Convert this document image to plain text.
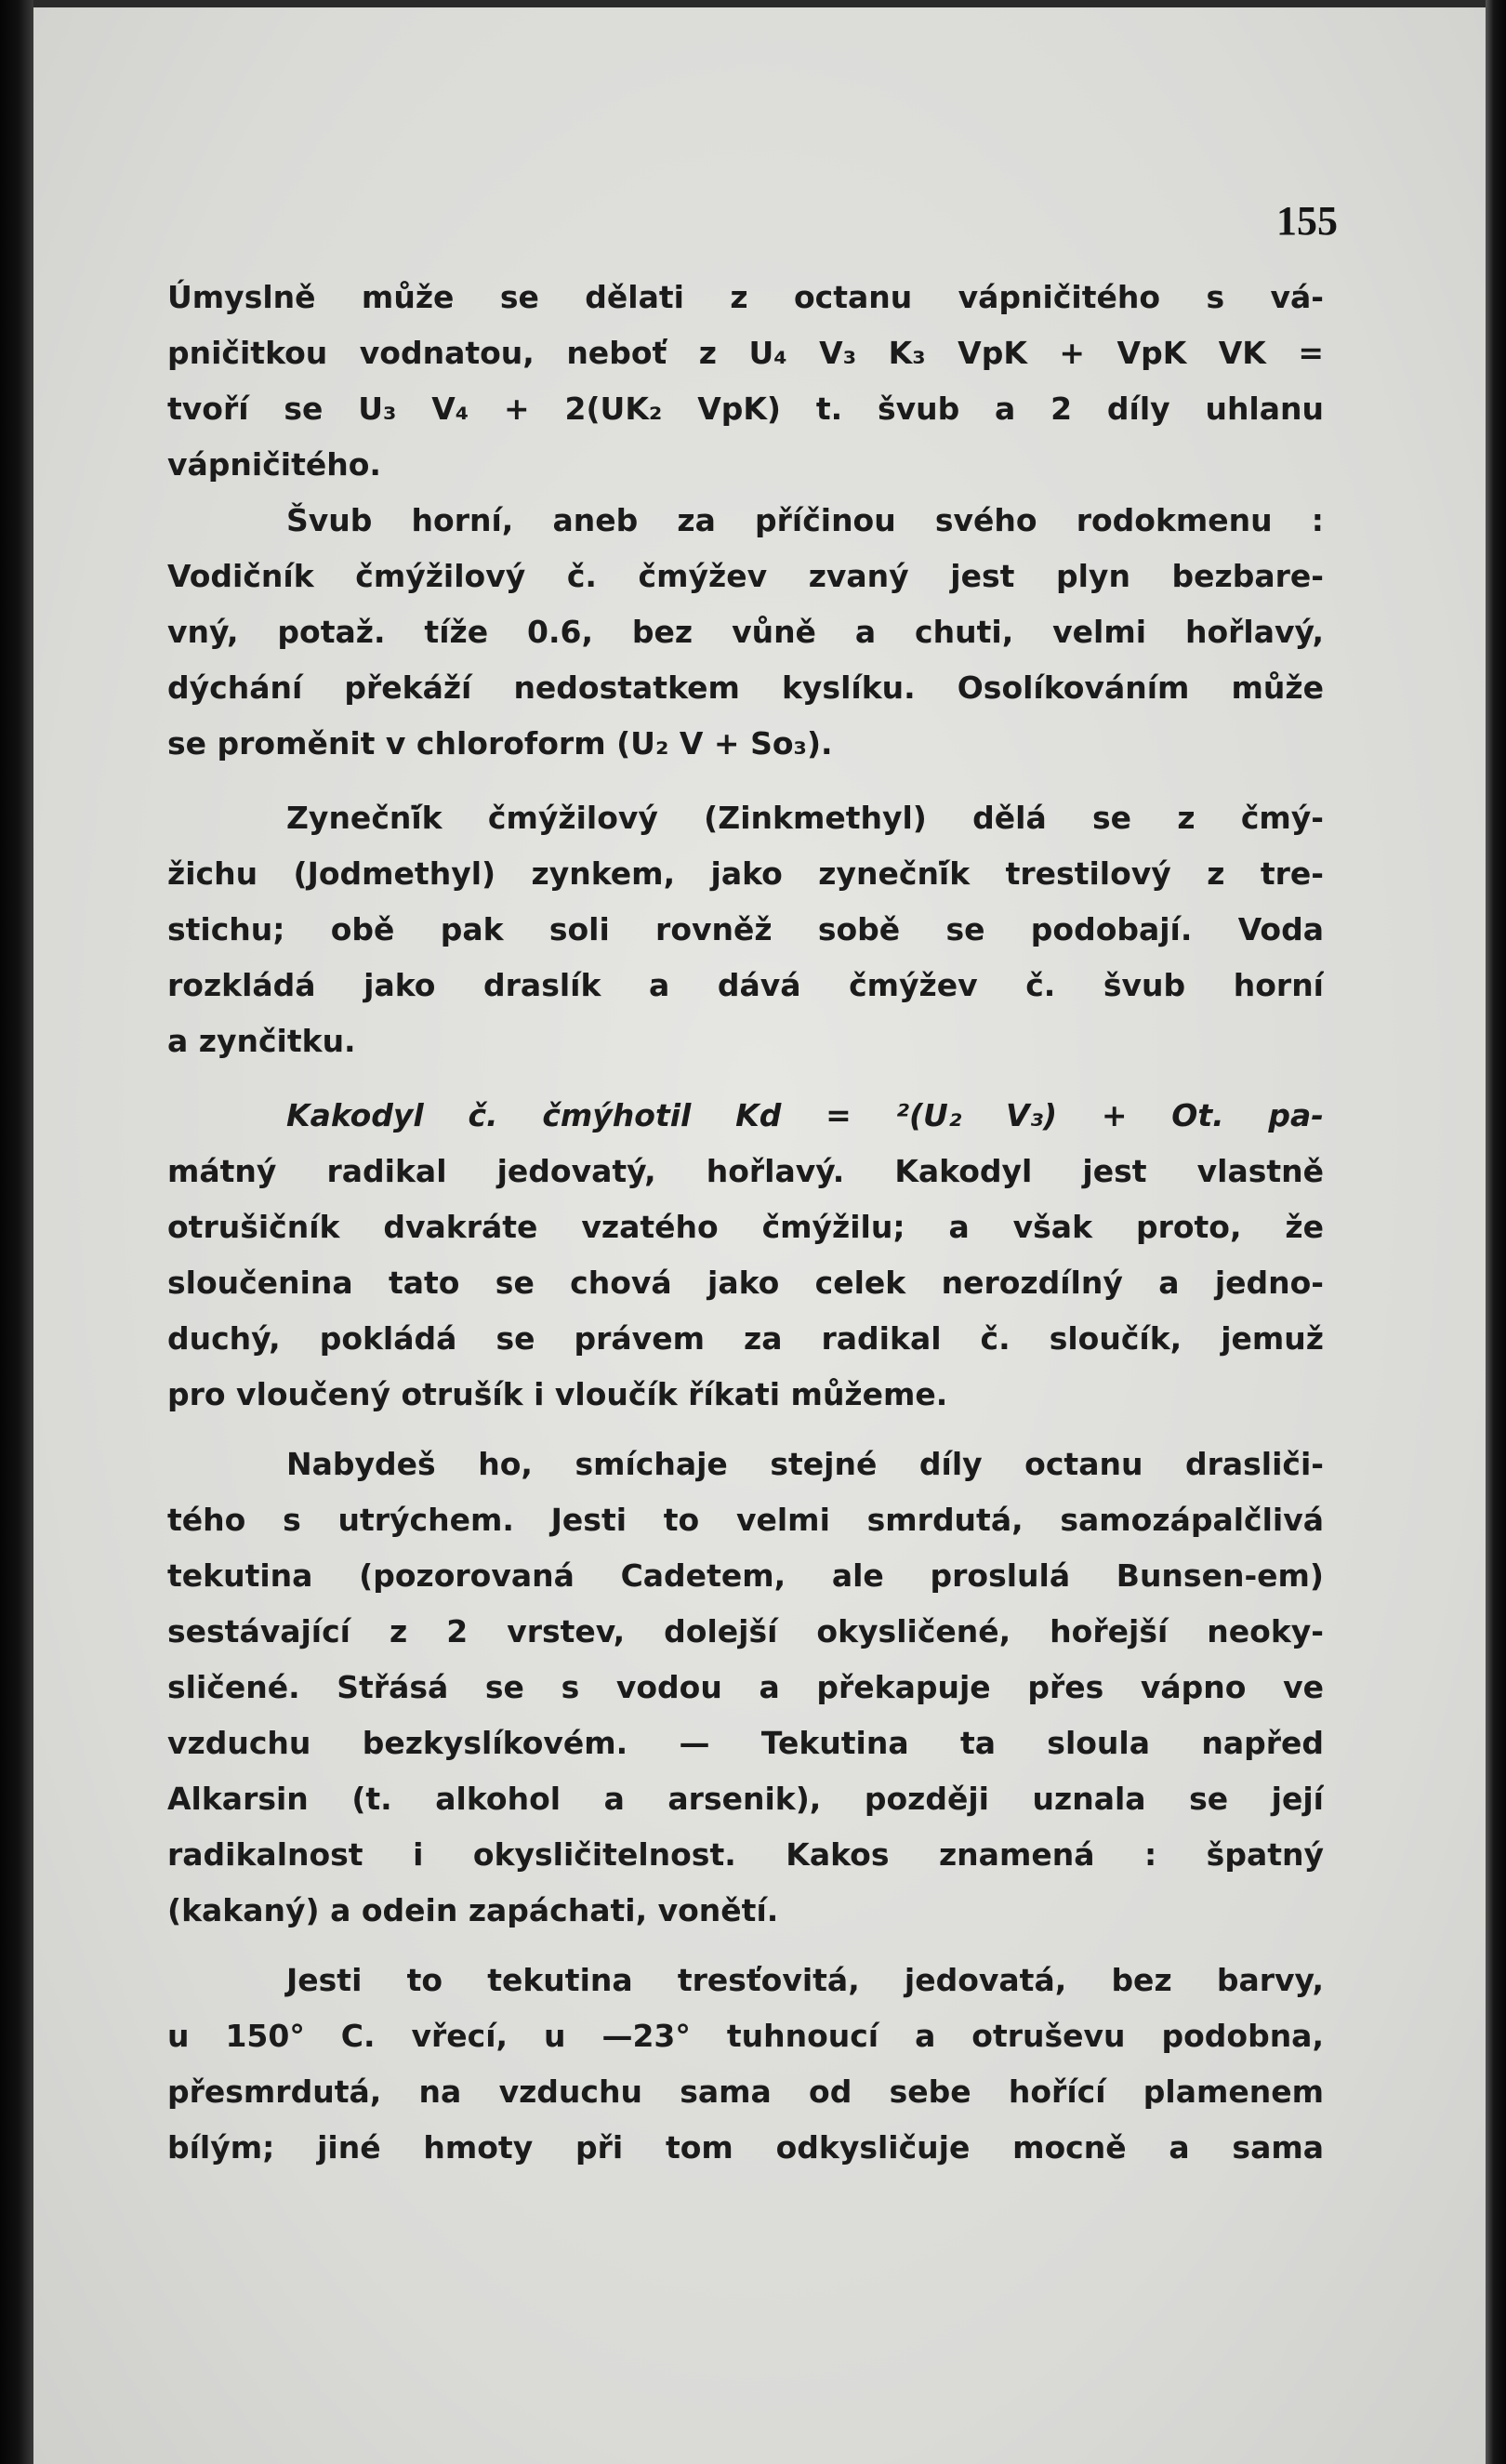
155
Úmyslně může se dělati z octanu vápničitého s vá-
pničitkou vodnatou, neboť z U₄ V₃ K₃ VpK + VpK VK =
tvoří se U₃ V₄ + 2(UK₂ VpK) t. švub a 2 díly uhlanu
vápničitého.
Švub horní, aneb za příčinou svého rodokmenu :
Vodičník čmýžilový č. čmýžev zvaný jest plyn bezbare-
vný, potaž. tíže 0.6, bez vůně a chuti, velmi hořlavý,
dýchání překáží nedostatkem kyslíku. Osolíkováním může
se proměnit v chloroform (U₂ V + So₃).
Zyneční̇k čmýžilový (Zinkmethyl) dělá se z čmý-
žichu (Jodmethyl) zynkem, jako zyneční̇k trestilový z tre-
stichu; obě pak soli rovněž sobě se podobají. Voda
rozkládá jako draslík a dává čmýžev č. švub horní
a zynčitku.
Kakodyl č. čmýhotil Kd = ²(U₂ V₃) + Ot. pa-
mátný radikal jedovatý, hořlavý. Kakodyl jest vlastně
otrušičník dvakráte vzatého čmýžilu; a však proto, že
sloučenina tato se chová jako celek nerozdílný a jedno-
duchý, pokládá se právem za radikal č. sloučík, jemuž
pro vloučený otrušík i vloučík říkati můžeme.
Nabydeš ho, smíchaje stejné díly octanu drasliči-
tého s utrýchem. Jesti to velmi smrdutá, samozápalčlivá
tekutina (pozorovaná Cadetem, ale proslulá Bunsen-em)
sestávající z 2 vrstev, dolejší okysličené, hořejší neoky-
sličené. Střásá se s vodou a překapuje přes vápno ve
vzduchu bezkyslíkovém. — Tekutina ta sloula napřed
Alkarsin (t. alkohol a arsenik), později uznala se její
radikalnost i okysličitelnost. Kakos znamená : špatný
(kakaný) a odein zapáchati, vonětí.
Jesti to tekutina tresťovitá, jedovatá, bez barvy,
u 150° C. vřecí, u —23° tuhnoucí a otruševu podobna,
přesmrdutá, na vzduchu sama od sebe hořící plamenem
bílým; jiné hmoty při tom odkysličuje mocně a sama
